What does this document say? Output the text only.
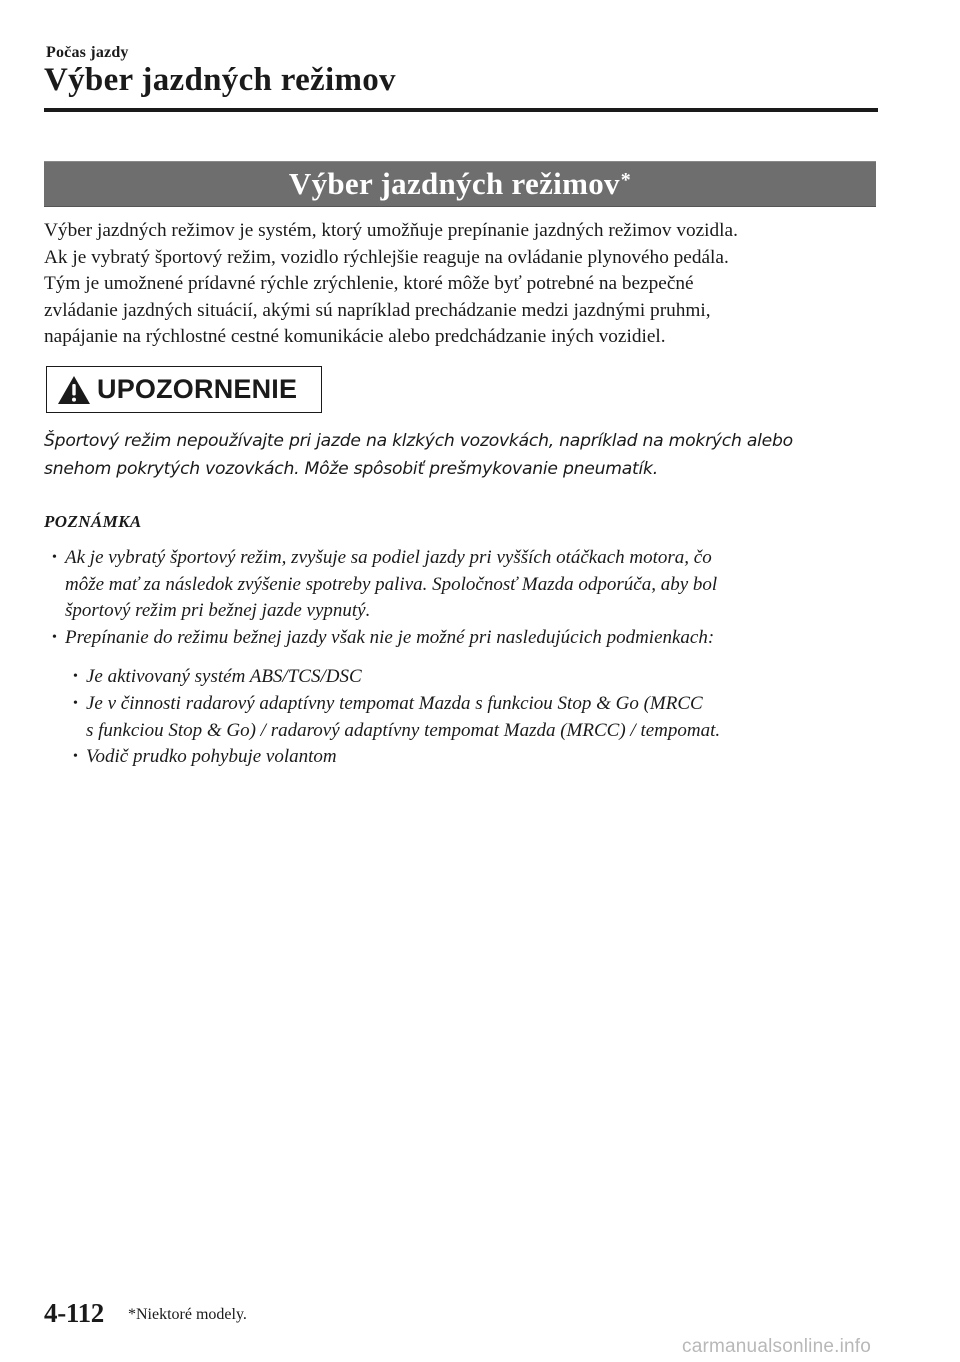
Počas jazdy
Výber jazdných režimov
Výber jazdných režimov*
Výber jazdných režimov je systém, ktorý umožňuje prepínanie jazdných režimov vozidla.
Ak je vybratý športový režim, vozidlo rýchlejšie reaguje na ovládanie plynového pedála.
Tým je umožnené prídavné rýchle zrýchlenie, ktoré môže byť potrebné na bezpečné
zvládanie jazdných situácií, akými sú napríklad prechádzanie medzi jazdnými pruhmi,
napájanie na rýchlostné cestné komunikácie alebo predchádzanie iných vozidiel.
UPOZORNENIE
Športový režim nepoužívajte pri jazde na klzkých vozovkách, napríklad na mokrých alebo
snehom pokrytých vozovkách. Môže spôsobiť prešmykovanie pneumatík.
POZNÁMKA
• Ak je vybratý športový režim, zvyšuje sa podiel jazdy pri vyšších otáčkach motora, čo
môže mať za následok zvýšenie spotreby paliva. Spoločnosť Mazda odporúča, aby bol
športový režim pri bežnej jazde vypnutý.
• Prepínanie do režimu bežnej jazdy však nie je možné pri nasledujúcich podmienkach:
• Je aktivovaný systém ABS/TCS/DSC
• Je v činnosti radarový adaptívny tempomat Mazda s funkciou Stop & Go (MRCC
s funkciou Stop & Go) / radarový adaptívny tempomat Mazda (MRCC) / tempomat.
• Vodič prudko pohybuje volantom
4-112 *Niektoré modely.
carmanualsonline.info
